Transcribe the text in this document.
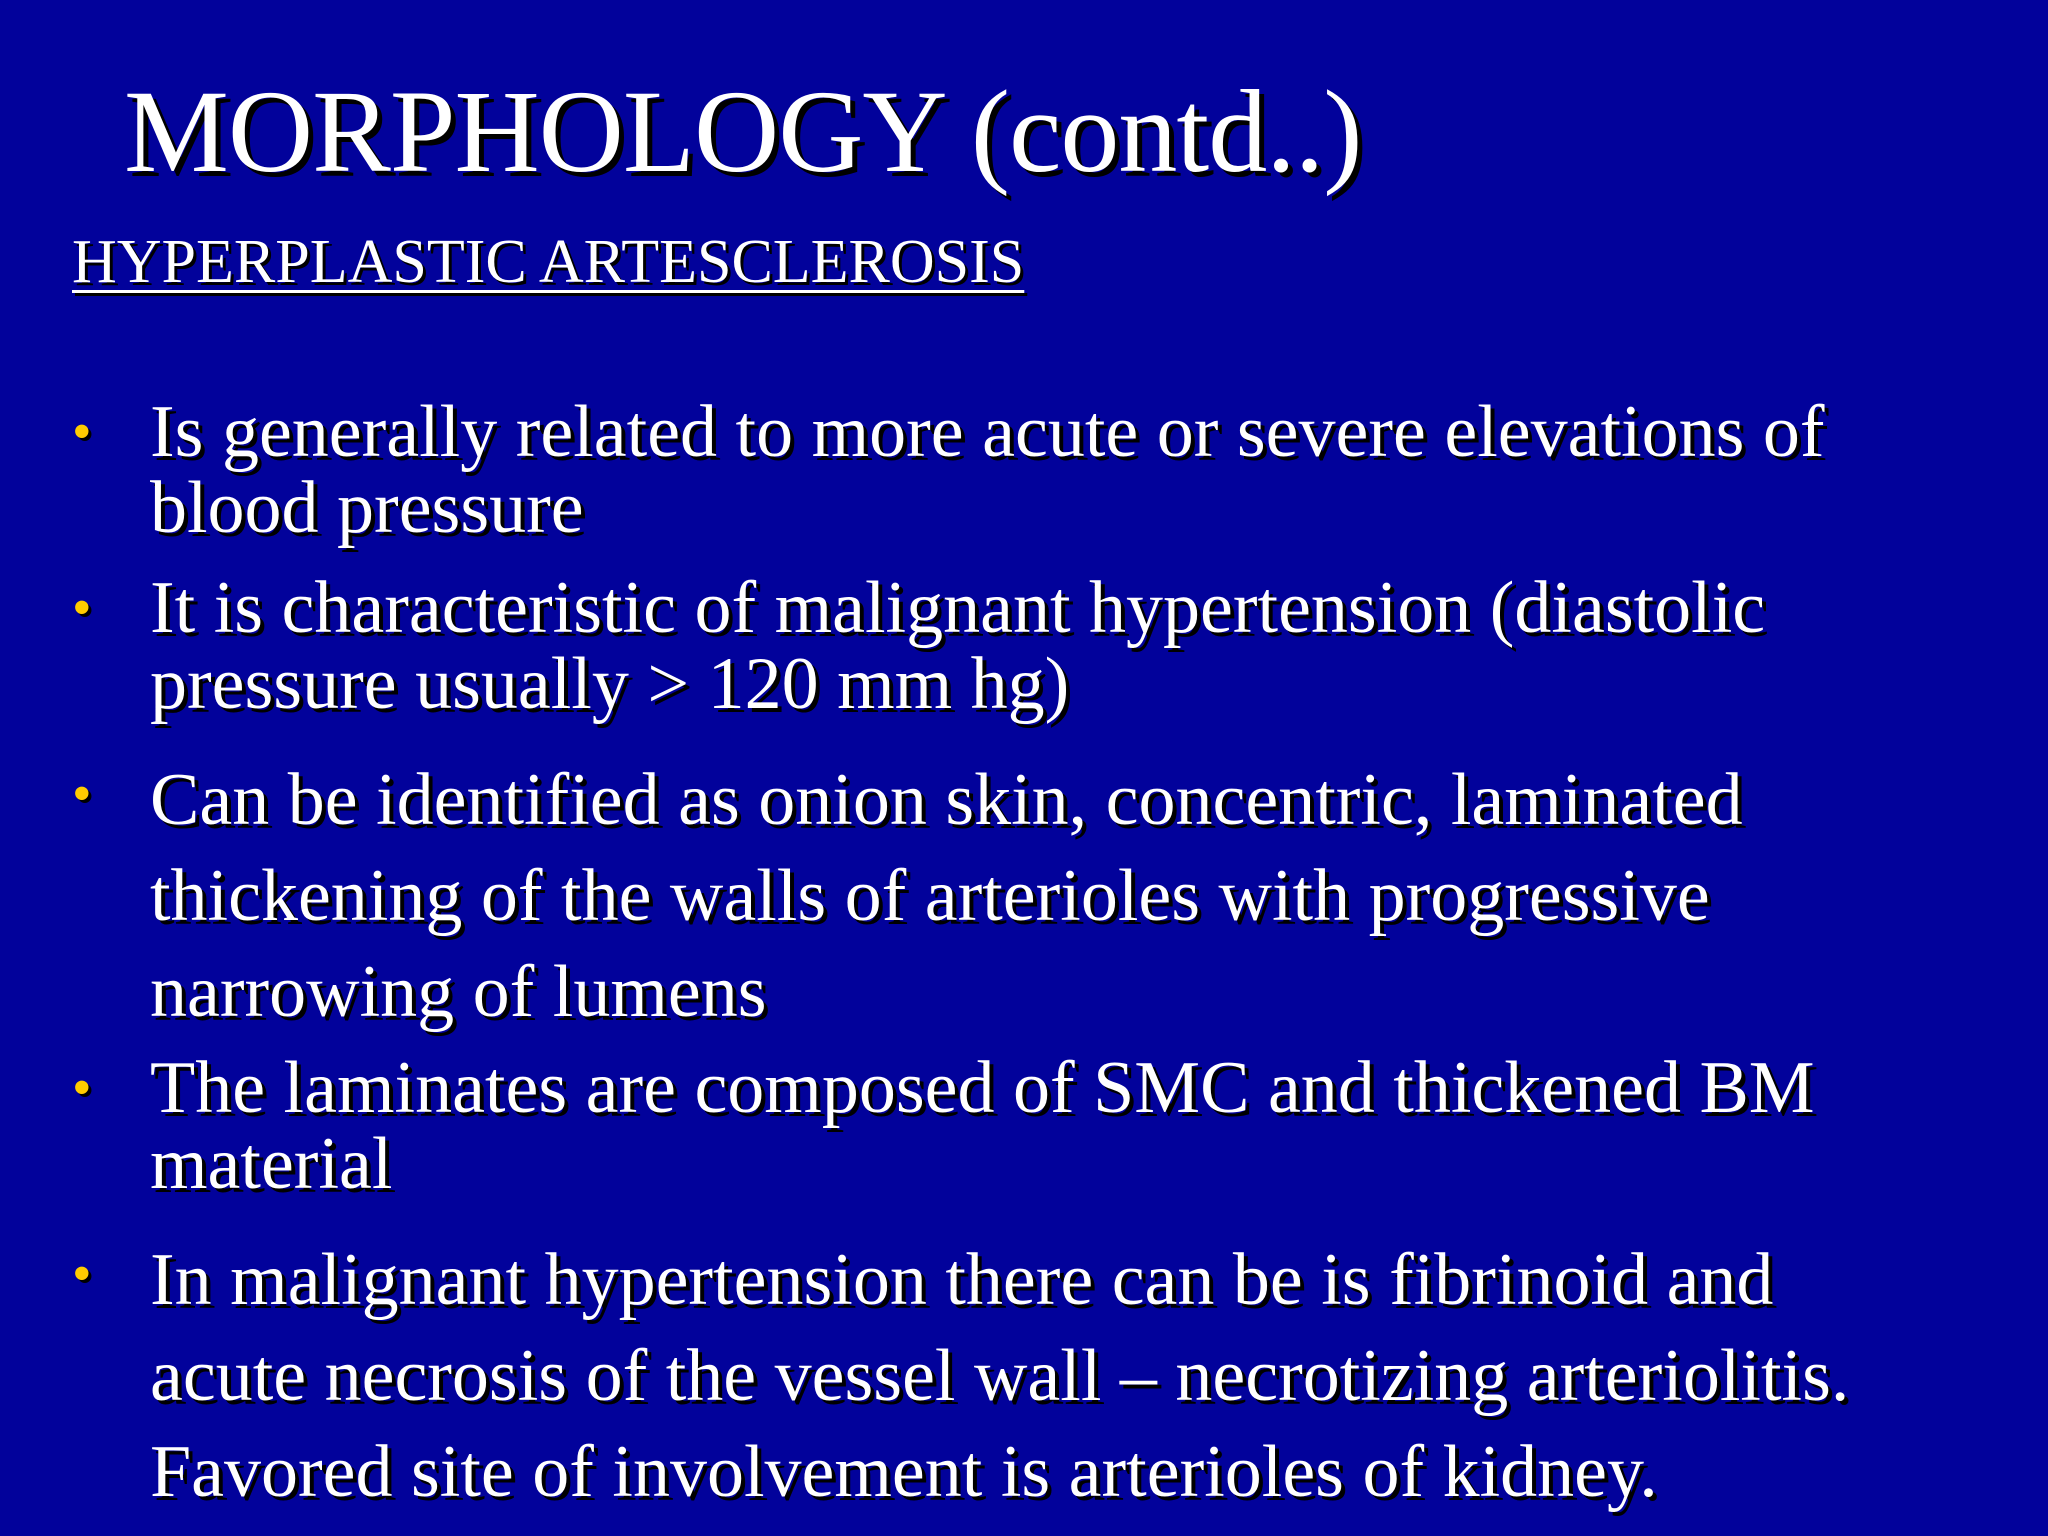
MORPHOLOGY (contd..)
HYPERPLASTIC ARTESCLEROSIS
• Is generally related to more acute or severe elevations of
blood pressure
• It is characteristic of malignant hypertension (diastolic
pressure usually > 120 mm hg)
• Can be identified as onion skin, concentric, laminated
thickening of the walls of arterioles with progressive
narrowing of lumens
• The laminates are composed of SMC and thickened BM
material
• In malignant hypertension there can be is fibrinoid and
acute necrosis of the vessel wall – necrotizing arteriolitis.
Favored site of involvement is arterioles of kidney.
